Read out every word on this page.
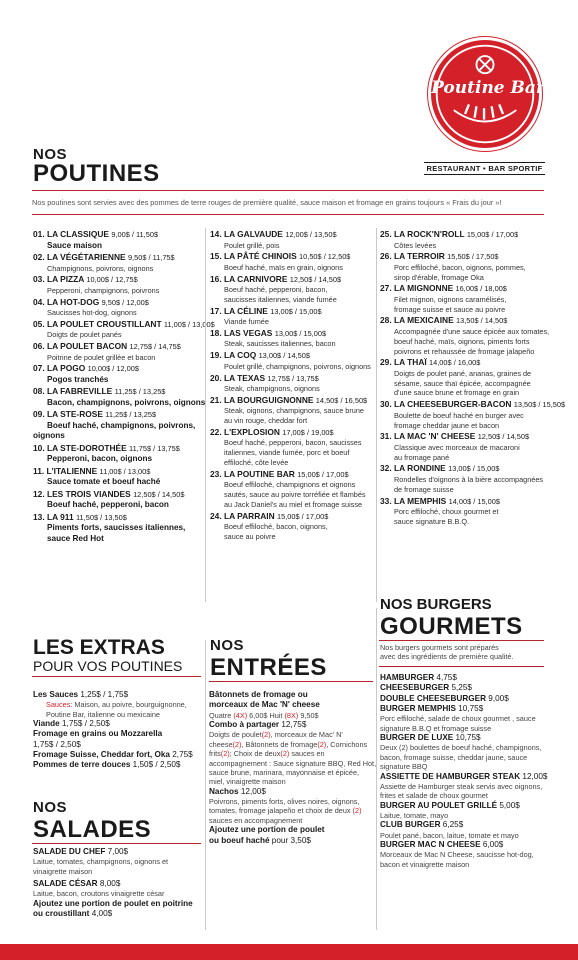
Poutine Bar
RESTAURANT • BAR SPORTIF
NOS
POUTINES
Nos poutines sont servies avec des pommes de terre rouges de première qualité, sauce maison et fromage en grains toujours « Frais du jour »!
01. LA CLASSIQUE 9,00$ / 11,50$
Sauce maison
02. LA VÉGÉTARIENNE 9,50$ / 11,75$
Champignons, poivrons, oignons
03. LA PIZZA 10,00$ / 12,75$
Pepperoni, champignons, poivrons
04. LA HOT-DOG 9,50$ / 12,00$
Saucisses hot-dog, oignons
05. LA POULET CROUSTILLANT 11,00$ / 13,00$
Doigts de poulet panés
06. LA POULET BACON 12,75$ / 14,75$
Poitrine de poulet grillée et bacon
07. LA POGO 10,00$ / 12,00$
Pogos tranchés
08. LA FABREVILLE 11,25$ / 13,25$
Bacon, champignons, poivrons, oignons
09. LA STE-ROSE 11,25$ / 13,25$
Boeuf haché, champignons, poivrons,
oignons
10. LA STE-DOROTHÉE 11,75$ / 13,75$
Pepperoni, bacon, oignons
11. L'ITALIENNE 11,00$ / 13,00$
Sauce tomate et boeuf haché
12. LES TROIS VIANDES 12,50$ / 14,50$
Boeuf haché, pepperoni, bacon
13. LA 911 11,50$ / 13,50$
Piments forts, saucisses italiennes,
sauce Red Hot
14. LA GALVAUDE 12,00$ / 13,50$
Poulet grillé, pois
15. LA PÂTÉ CHINOIS 10,50$ / 12,50$
Boeuf haché, maïs en grain, oignons
16. LA CARNIVORE 12,50$ / 14,50$
Boeuf haché, pepperoni, bacon,
saucisses italiennes, viande fumée
17. LA CÉLINE 13,00$ / 15,00$
Viande fumée
18. LAS VEGAS 13,00$ / 15,00$
Steak, saucisses italiennes, bacon
19. LA COQ 13,00$ / 14,50$
Poulet grillé, champignons, poivrons, oignons
20. LA TEXAS 12,75$ / 13,75$
Steak, champignons, oignons
21. LA BOURGUIGNONNE 14,50$ / 16,50$
Steak, oignons, champignons, sauce brune
au vin rouge, cheddar fort
22. L'EXPLOSION 17,00$ / 19,00$
Boeuf haché, pepperoni, bacon, saucisses
italiennes, viande fumée, porc et boeuf
effiloché, côte levée
23. LA POUTINE BAR 15,00$ / 17,00$
Boeuf effiloché, champignons et oignons
sautés, sauce au poivre torréfiée et flambés
au Jack Daniel's au miel et fromage suisse
24. LA PARRAIN 15,00$ / 17,00$
Boeuf effiloché, bacon, oignons,
sauce au poivre
25. LA ROCK'N'ROLL 15,00$ / 17,00$
Côtes levées
26. LA TERROIR 15,50$ / 17,50$
Porc effiloché, bacon, oignons, pommes,
sirop d'érable, fromage Oka
27. LA MIGNONNE 16,00$ / 18,00$
Filet mignon, oignons caramélisés,
fromage suisse et sauce au poivre
28. LA MEXICAINE 13,50$ / 14,50$
Accompagnée d'une sauce épicée aux tomates,
boeuf haché, maïs, oignons, piments forts
poivrons et rehaussée de fromage jalapeño
29. LA THAÏ 14,00$ / 16,00$
Doigts de poulet pané, ananas, graines de
sésame, sauce thaï épicée, accompagnée
d'une sauce brune et fromage en grain
30. LA CHEESEBURGER-BACON 13,50$ / 15,50$
Boulette de boeuf haché en burger avec
fromage cheddar jaune et bacon
31. LA MAC 'N' CHEESE 12,50$ / 14,50$
Classique avec morceaux de macaroni
au fromage pané
32. LA RONDINE 13,00$ / 15,00$
Rondelles d'oignons à la bière accompagnées
de fromage suisse
33. LA MEMPHIS 14,00$ / 15,00$
Porc effiloché, choux gourmet et
sauce signature B.B.Q.
LES EXTRAS
POUR VOS POUTINES
Les Sauces 1,25$ / 1,75$
Sauces: Maison, au poivre, bourguignonne,
Poutine Bar, italienne ou mexicaine
Viande 1,75$ / 2,50$
Fromage en grains ou Mozzarella
1,75$ / 2,50$
Fromage Suisse, Cheddar fort, Oka 2,75$
Pommes de terre douces 1,50$ / 2,50$
NOS
SALADES
SALADE DU CHEF 7,00$
Laitue, tomates, champignons, oignons et
vinaigrette maison
SALADE CÉSAR 8,00$
Laitue, bacon, croutons vinaigrette césar
Ajoutez une portion de poulet en poitrine
ou croustillant 4,00$
NOS
ENTRÉES
Bâtonnets de fromage ou
morceaux de Mac 'N' cheese
Quatre (4X) 6,00$ Huit (8X) 9,50$
Combo à partager 12,75$
Doigts de poulet(2), morceaux de Mac' N'
cheese(2), Bâtonnets de fromage(2), Cornichons
frits(2); Choix de deux(2) sauces en
accompagnement : Sauce signature BBQ, Red Hot,
sauce brune, marinara, mayonnaise et épicée,
miel, vinaigrette maison
Nachos 12,00$
Poivrons, piments forts, olives noires, oignons,
tomates, fromage jalapeño et choix de deux (2)
sauces en accompagnement
Ajoutez une portion de poulet
ou boeuf haché pour 3,50$
NOS BURGERS
GOURMETS
Nos burgers gourmets sont préparés
avec des ingrédients de première qualité.
HAMBURGER 4,75$
CHEESEBURGER 5,25$
DOUBLE CHEESEBURGER 9,00$
BURGER MEMPHIS 10,75$
Porc effiloché, salade de choux gourmet , sauce
signature B.B.Q et fromage suisse
BURGER DE LUXE 10,75$
Deux (2) boulettes de boeuf haché, champignons,
bacon, fromage suisse, cheddar jaune, sauce
signature BBQ
ASSIETTE DE HAMBURGER STEAK 12,00$
Assiette de Hamburger steak servis avec oignons,
frites et salade de choux gourmet
BURGER AU POULET GRILLÉ 5,00$
Laitue, tomate, mayo
CLUB BURGER 6,25$
Poulet pané, bacon, laitue, tomate et mayo
BURGER MAC N CHEESE 6,00$
Morceaux de Mac N Cheese, saucisse hot-dog,
bacon et vinaigrette maison
